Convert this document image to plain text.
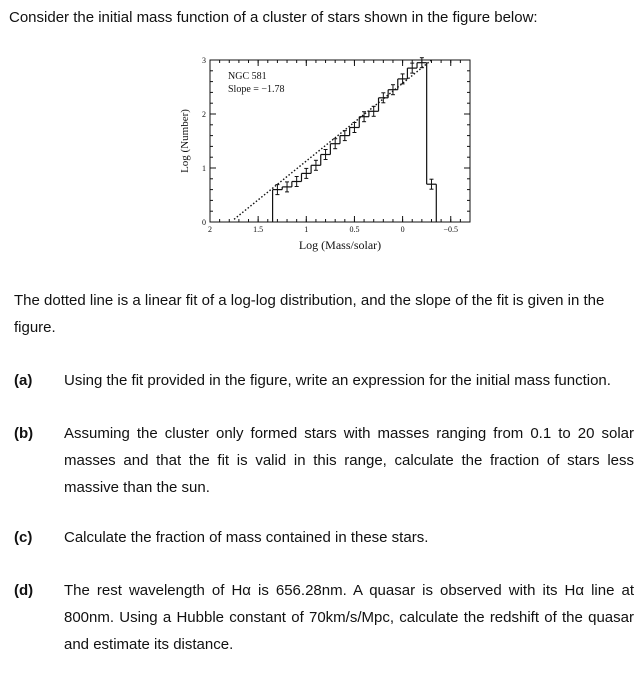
Consider the initial mass function of a cluster of stars shown in the figure below:
2	1.5	1	0.5	0	−0.5
0
1
2
3
NGC 581
Slope = −1.78
Log (Mass/solar)
Log (Number)
The dotted line is a linear fit of a log-log distribution, and the slope of the fit is given in the figure.
(a) Using the fit provided in the figure, write an expression for the initial mass function.
(b) Assuming the cluster only formed stars with masses ranging from 0.1 to 20 solar masses and that the fit is valid in this range, calculate the fraction of stars less massive than the sun.
(c) Calculate the fraction of mass contained in these stars.
(d) The rest wavelength of Hα is 656.28nm. A quasar is observed with its Hα line at 800nm. Using a Hubble constant of 70km/s/Mpc, calculate the redshift of the quasar and estimate its distance.
